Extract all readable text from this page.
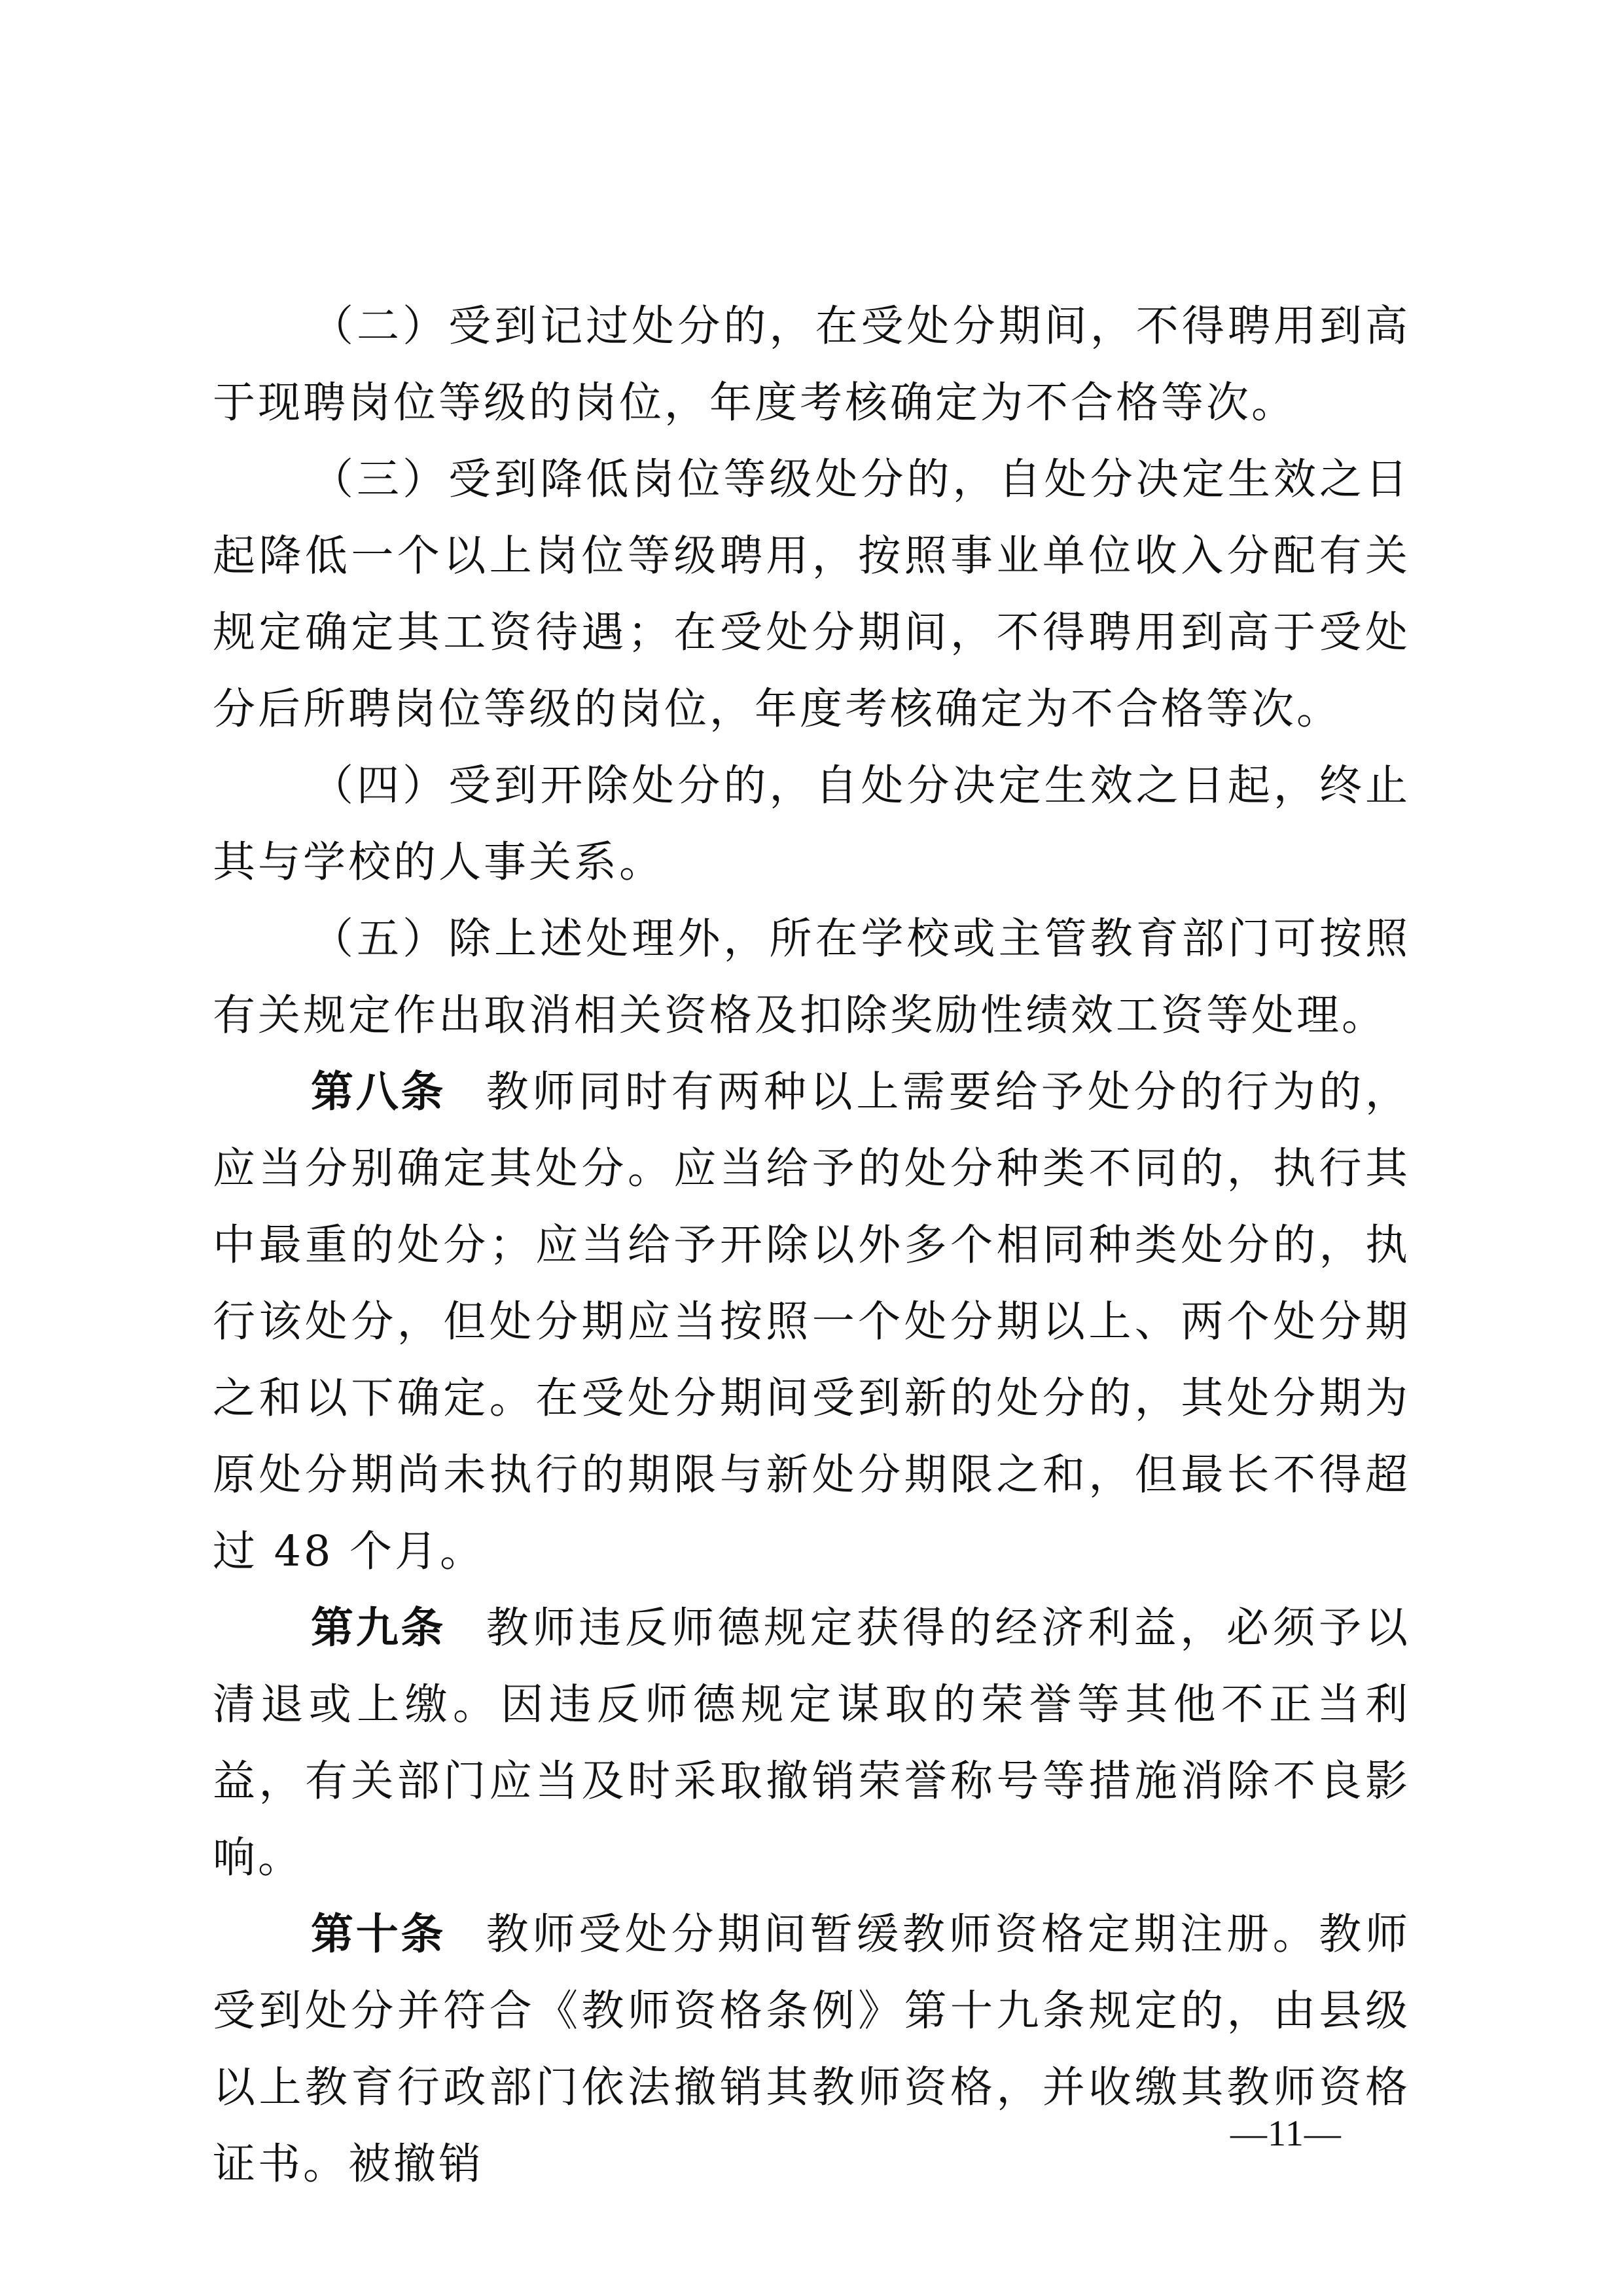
（二）受到记过处分的，在受处分期间，不得聘用到高于现聘岗位等级的岗位，年度考核确定为不合格等次。

（三）受到降低岗位等级处分的，自处分决定生效之日起降低一个以上岗位等级聘用，按照事业单位收入分配有关规定确定其工资待遇；在受处分期间，不得聘用到高于受处分后所聘岗位等级的岗位，年度考核确定为不合格等次。

（四）受到开除处分的，自处分决定生效之日起，终止其与学校的人事关系。

（五）除上述处理外，所在学校或主管教育部门可按照有关规定作出取消相关资格及扣除奖励性绩效工资等处理。

第八条 教师同时有两种以上需要给予处分的行为的，应当分别确定其处分。应当给予的处分种类不同的，执行其中最重的处分；应当给予开除以外多个相同种类处分的，执行该处分，但处分期应当按照一个处分期以上、两个处分期之和以下确定。在受处分期间受到新的处分的，其处分期为原处分期尚未执行的期限与新处分期限之和，但最长不得超过 48 个月。

第九条 教师违反师德规定获得的经济利益，必须予以清退或上缴。因违反师德规定谋取的荣誉等其他不正当利益，有关部门应当及时采取撤销荣誉称号等措施消除不良影响。

第十条 教师受处分期间暂缓教师资格定期注册。教师受到处分并符合《教师资格条例》第十九条规定的，由县级以上教育行政部门依法撤销其教师资格，并收缴其教师资格证书。被撤销

—11—
